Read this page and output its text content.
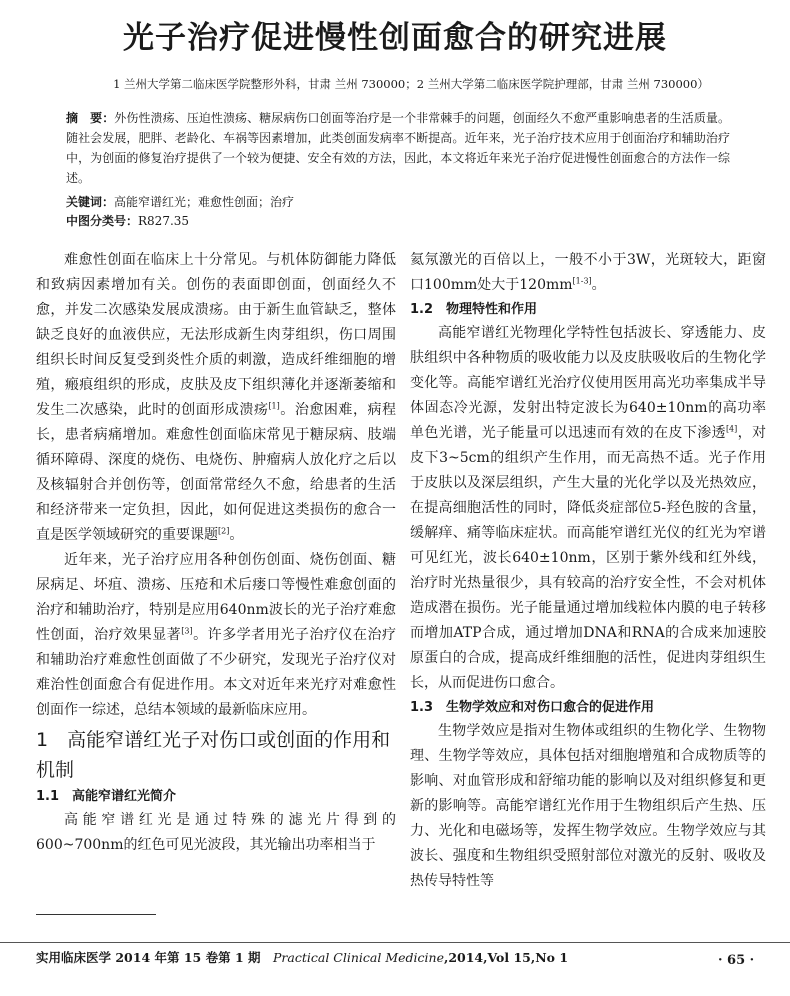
光子治疗促进慢性创面愈合的研究进展
1 兰州大学第二临床医学院整形外科，甘肃 兰州 730000；2 兰州大学第二临床医学院护理部，甘肃 兰州 730000）
摘　要：外伤性溃疡、压迫性溃疡、糖尿病伤口创面等治疗是一个非常棘手的问题，创面经久不愈严重影响患者的生活质量。随社会发展，肥胖、老龄化、车祸等因素增加，此类创面发病率不断提高。近年来，光子治疗技术应用于创面治疗和辅助治疗中，为创面的修复治疗提供了一个较为便捷、安全有效的方法，因此，本文将近年来光子治疗促进慢性创面愈合的方法作一综述。
关键词：高能窄谱红光；难愈性创面；治疗
中图分类号：R827.35

难愈性创面在临床上十分常见。与机体防御能力降低和致病因素增加有关。创伤的表面即创面，创面经久不愈，并发二次感染发展成溃疡。由于新生血管缺乏，整体缺乏良好的血液供应，无法形成新生肉芽组织，伤口周围组织长时间反复受到炎性介质的刺激，造成纤维细胞的增殖，瘢痕组织的形成，皮肤及皮下组织薄化并逐渐萎缩和发生二次感染，此时的创面形成溃疡[1]。治愈困难，病程长，患者病痛增加。难愈性创面临床常见于糖尿病、肢端循环障碍、深度的烧伤、电烧伤、肿瘤病人放化疗之后以及核辐射合并创伤等，创面常常经久不愈，给患者的生活和经济带来一定负担，因此，如何促进这类损伤的愈合一直是医学领域研究的重要课题[2]。

近年来，光子治疗应用各种创伤创面、烧伤创面、糖尿病足、坏疽、溃疡、压疮和术后瘘口等慢性难愈创面的治疗和辅助治疗，特别是应用640nm波长的光子治疗难愈性创面，治疗效果显著[3]。许多学者用光子治疗仪在治疗和辅助治疗难愈性创面做了不少研究，发现光子治疗仪对难治性创面愈合有促进作用。本文对近年来光疗对难愈性创面作一综述，总结本领域的最新临床应用。

1　高能窄谱红光子对伤口或创面的作用和机制
1.1　高能窄谱红光简介

高能窄谱红光是通过特殊的滤光片得到的600~700nm的红色可见光波段，其光输出功率相当于

氦氖激光的百倍以上，一般不小于3W，光斑较大，距窗口100mm处大于120mm[1-3]。

1.2　物理特性和作用

高能窄谱红光物理化学特性包括波长、穿透能力、皮肤组织中各种物质的吸收能力以及皮肤吸收后的生物化学变化等。高能窄谱红光治疗仪使用医用高光功率集成半导体固态冷光源，发射出特定波长为640±10nm的高功率单色光谱，光子能量可以迅速而有效的在皮下渗透[4]，对皮下3~5cm的组织产生作用，而无高热不适。光子作用于皮肤以及深层组织，产生大量的光化学以及光热效应，在提高细胞活性的同时，降低炎症部位5-羟色胺的含量，缓解痒、痛等临床症状。而高能窄谱红光仪的红光为窄谱可见红光，波长640±10nm，区别于紫外线和红外线，治疗时光热量很少，具有较高的治疗安全性，不会对机体造成潜在损伤。光子能量通过增加线粒体内膜的电子转移而增加ATP合成，通过增加DNA和RNA的合成来加速胶原蛋白的合成，提高成纤维细胞的活性，促进肉芽组织生长，从而促进伤口愈合。

1.3　生物学效应和对伤口愈合的促进作用

生物学效应是指对生物体或组织的生物化学、生物物理、生物学等效应，具体包括对细胞增殖和合成物质等的影响、对血管形成和舒缩功能的影响以及对组织修复和更新的影响等。高能窄谱红光作用于生物组织后产生热、压力、光化和电磁场等，发挥生物学效应。生物学效应与其波长、强度和生物组织受照射部位对激光的反射、吸收及热传导特性等

实用临床医学 2014 年第 15 卷第 1 期　 Practical Clinical Medicine,2014,Vol 15,No 1	· 65 ·
